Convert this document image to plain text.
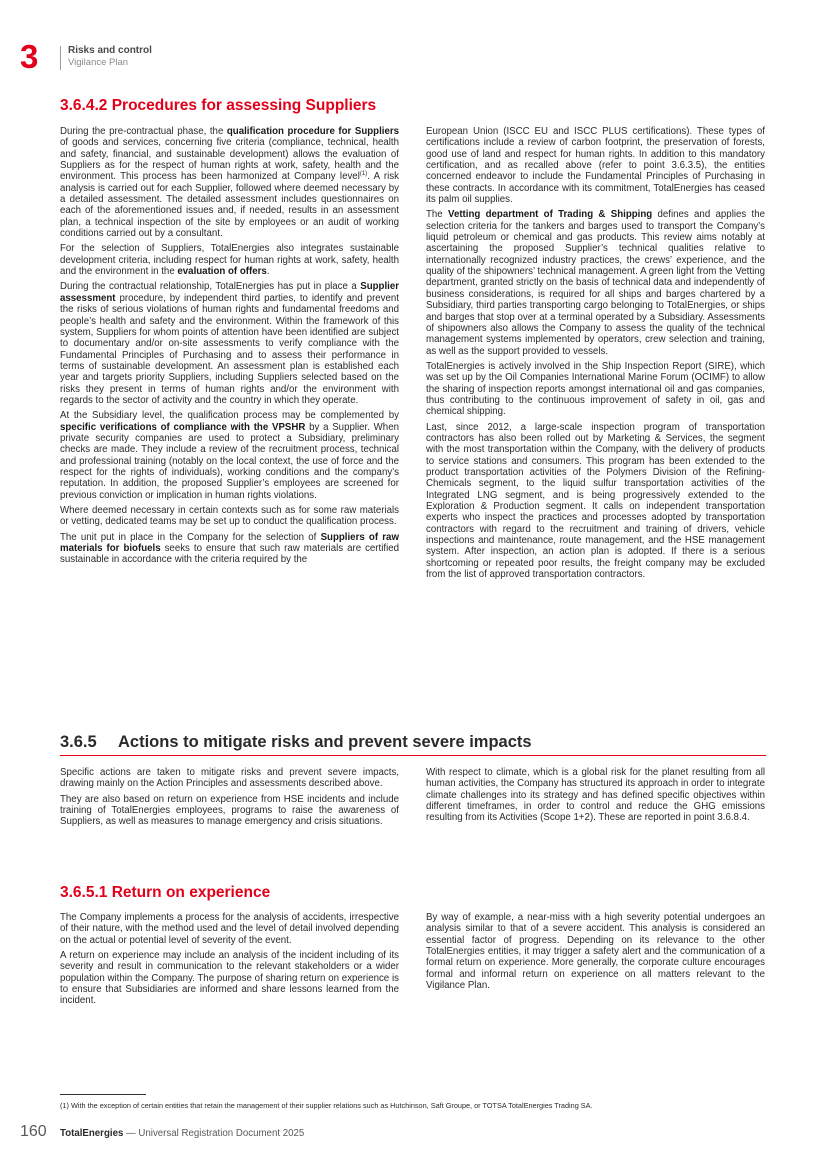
3	Risks and control
Vigilance Plan
3.6.4.2 Procedures for assessing Suppliers

During the pre-contractual phase, the qualification procedure for Suppliers of goods and services, concerning five criteria (compliance, technical, health and safety, financial, and sustainable development) allows the evaluation of Suppliers as for the respect of human rights at work, safety, health and the environment. This process has been harmonized at Company level$^{(1)}$. A risk analysis is carried out for each Supplier, followed where deemed necessary by a detailed assessment. The detailed assessment includes questionnaires on each of the aforementioned issues and, if needed, results in an assessment plan, a technical inspection of the site by employees or an audit of working conditions carried out by a consultant.

For the selection of Suppliers, TotalEnergies also integrates sustainable development criteria, including respect for human rights at work, safety, health and the environment in the evaluation of offers.

During the contractual relationship, TotalEnergies has put in place a Supplier assessment procedure, by independent third parties, to identify and prevent the risks of serious violations of human rights and fundamental freedoms and people’s health and safety and the environment. Within the framework of this system, Suppliers for whom points of attention have been identified are subject to documentary and/or on-site assessments to verify compliance with the Fundamental Principles of Purchasing and to assess their performance in terms of sustainable development. An assessment plan is established each year and targets priority Suppliers, including Suppliers selected based on the risks they present in terms of human rights and/or the environment with regards to the sector of activity and the country in which they operate.

At the Subsidiary level, the qualification process may be complemented by specific verifications of compliance with the VPSHR by a Supplier. When private security companies are used to protect a Subsidiary, preliminary checks are made. They include a review of the recruitment process, technical and professional training (notably on the local context, the use of force and the respect for the rights of individuals), working conditions and the company’s reputation. In addition, the proposed Supplier’s employees are screened for previous conviction or implication in human rights violations.

Where deemed necessary in certain contexts such as for some raw materials or vetting, dedicated teams may be set up to conduct the qualification process.

The unit put in place in the Company for the selection of Suppliers of raw materials for biofuels seeks to ensure that such raw materials are certified sustainable in accordance with the criteria required by the

European Union (ISCC EU and ISCC PLUS certifications). These types of certifications include a review of carbon footprint, the preservation of forests, good use of land and respect for human rights. In addition to this mandatory certification, and as recalled above (refer to point 3.6.3.5), the entities concerned endeavor to include the Fundamental Principles of Purchasing in these contracts. In accordance with its commitment, TotalEnergies has ceased its palm oil supplies.

The Vetting department of Trading & Shipping defines and applies the selection criteria for the tankers and barges used to transport the Company’s liquid petroleum or chemical and gas products. This review aims notably at ascertaining the proposed Supplier’s technical qualities relative to internationally recognized industry practices, the crews’ experience, and the quality of the shipowners’ technical management. A green light from the Vetting department, granted strictly on the basis of technical data and independently of business considerations, is required for all ships and barges chartered by a Subsidiary, third parties transporting cargo belonging to TotalEnergies, or ships and barges that stop over at a terminal operated by a Subsidiary. Assessments of shipowners also allows the Company to assess the quality of the technical management systems implemented by operators, crew selection and training, as well as the support provided to vessels.

TotalEnergies is actively involved in the Ship Inspection Report (SIRE), which was set up by the Oil Companies International Marine Forum (OCIMF) to allow the sharing of inspection reports amongst international oil and gas companies, thus contributing to the continuous improvement of safety in oil, gas and chemical shipping.

Last, since 2012, a large-scale inspection program of transportation contractors has also been rolled out by Marketing & Services, the segment with the most transportation within the Company, with the delivery of products to service stations and consumers. This program has been extended to the product transportation activities of the Polymers Division of the Refining-Chemicals segment, to the liquid sulfur transportation activities of the Integrated LNG segment, and is being progressively extended to the Exploration & Production segment. It calls on independent transportation experts who inspect the practices and processes adopted by transportation contractors with regard to the recruitment and training of drivers, vehicle inspections and maintenance, route management, and the HSE management system. After inspection, an action plan is adopted. If there is a serious shortcoming or repeated poor results, the freight company may be excluded from the list of approved transportation contractors.

3.6.5 Actions to mitigate risks and prevent severe impacts

Specific actions are taken to mitigate risks and prevent severe impacts, drawing mainly on the Action Principles and assessments described above.

They are also based on return on experience from HSE incidents and include training of TotalEnergies employees, programs to raise the awareness of Suppliers, as well as measures to manage emergency and crisis situations.

With respect to climate, which is a global risk for the planet resulting from all human activities, the Company has structured its approach in order to integrate climate challenges into its strategy and has defined specific objectives within different timeframes, in order to control and reduce the GHG emissions resulting from its Activities (Scope 1+2). These are reported in point 3.6.8.4.

3.6.5.1 Return on experience

The Company implements a process for the analysis of accidents, irrespective of their nature, with the method used and the level of detail involved depending on the actual or potential level of severity of the event.

A return on experience may include an analysis of the incident including of its severity and result in communication to the relevant stakeholders or a wider population within the Company. The purpose of sharing return on experience is to ensure that Subsidiaries are informed and share lessons learned from the incident.

By way of example, a near-miss with a high severity potential undergoes an analysis similar to that of a severe accident. This analysis is considered an essential factor of progress. Depending on its relevance to the other TotalEnergies entities, it may trigger a safety alert and the communication of a formal return on experience. More generally, the corporate culture encourages formal and informal return on experience on all matters relevant to the Vigilance Plan.

(1) With the exception of certain entities that retain the management of their supplier relations such as Hutchinson, Saft Groupe, or TOTSA TotalEnergies Trading SA.
160 TotalEnergies — Universal Registration Document 2025
